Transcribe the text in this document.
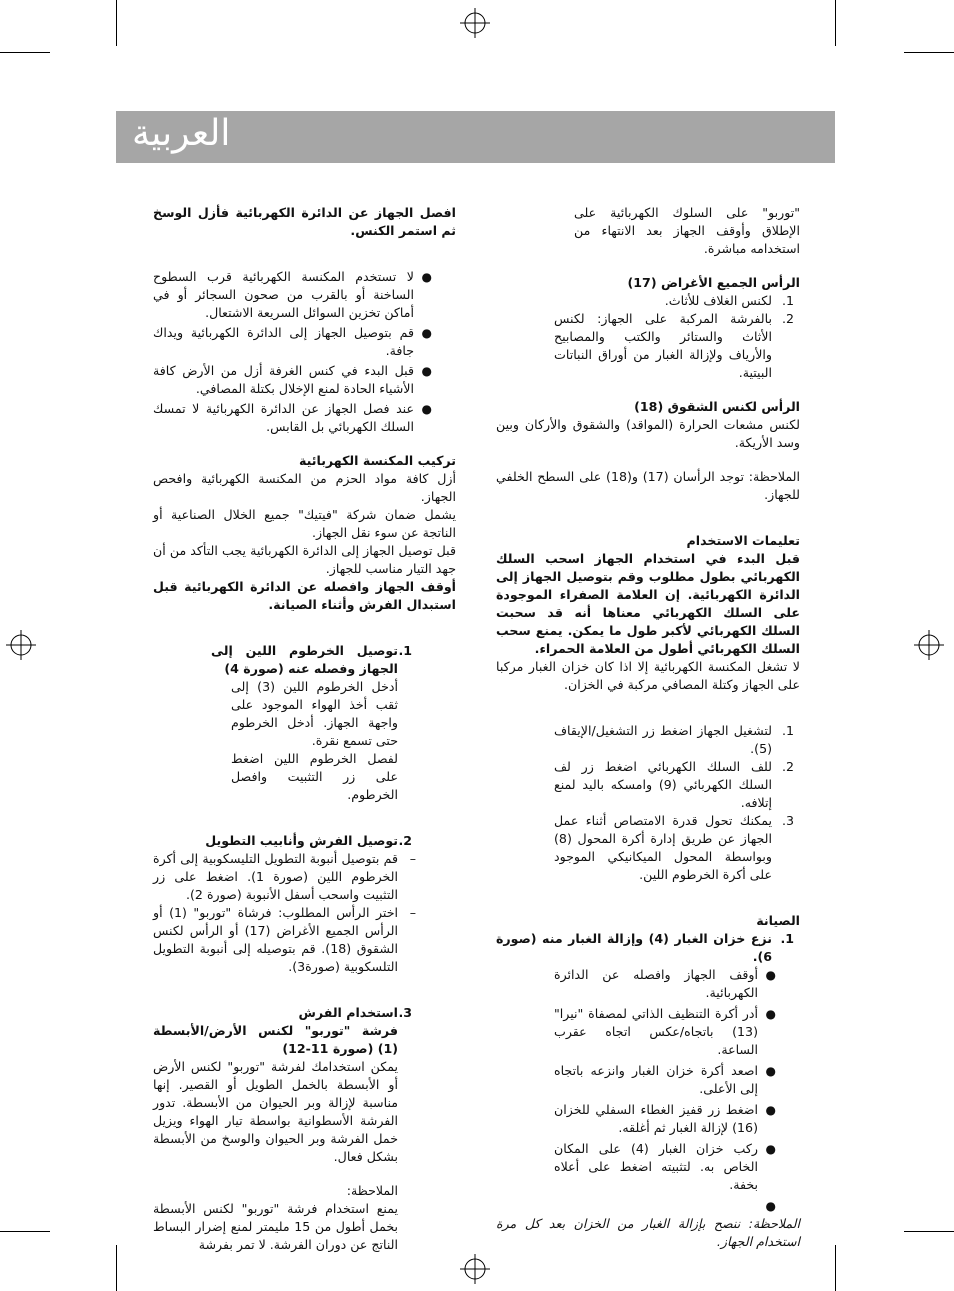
العربية

"توربو" على السلوك الكهربائية على الإطلاق وأوقف الجهاز بعد الانتهاء من استخدامه مباشرة.

الرأس الجميع الأغراض (17)
1.
لكنس الغلاف للأثاث.
2.
بالفرشة المركبة على الجهاز: لكنس الأثاث والستائر والكتب والمصابيح والأرياف ولإزالة الغبار من أوراق النباتات البيتية.
الرأس لكنس الشقوق (18)

لكنس مشعات الحرارة (المواقد) والشقوق والأركان وبين وسد الأريكة.

الملاحظة: توجد الرأسان (17) و(18) على السطح الخلفي للجهاز.

تعليمات الاستخدام

قبل البدء في استخدام الجهاز اسحب السلك الكهربائي بطول مطلوب وقم بتوصيل الجهاز إلى الدائرة الكهربائية. إن العلامة الصفراء الموجودة على السلك الكهربائي معناها أنه قد سحبت السلك الكهربائي لأكبر طول ما يمكن. يمنع سحب السلك الكهربائي أطول من العلامة الحمراء.

لا تشغل المكنسة الكهربائية إلا اذا كان خزان الغبار مركبا على الجهاز وكتلة المصافي مركبة في الخزان.

1.
لتشغيل الجهاز اضغط زر التشغيل/الإيقاف (5).
2.
للف السلك الكهربائي اضغط زر لف السلك الكهربائي (9) وامسكه باليد لمنع إتلافه.
3.
يمكنك تحول قدرة الامتصاص أثناء عمل الجهاز عن طريق إدارة أكرة المحول (8) وبواسطة المحول الميكانيكي الموجود على أكرة الخرطوم اللين.
الصيانة
1.
نزع خزان الغبار (4) وإزالة الغبار منه (صورة 6).
●
أوقف الجهاز وافصله عن الدائرة الكهربائية.
●
أدر أكرة التنظيف الذاتي لمصفاة "نيرا" (13) باتجاه/عكس اتجاه عقرب الساعة.
●
اصعد أكرة خزان الغبار وانزعه باتجاه إلى الأعلى.
●
اضغط زر قفيز الغطاء السفلي للخزان (16) لإزالة الغبار ثم أغلقه.
●
ركب خزان الغبار (4) على المكان الخاص به. لتثبيته اضغط على أعلاه بخفة.
●

الملاحظة: ننصح بإزالة الغبار من الخزان بعد كل مرة استخدام الجهاز.

افصل الجهاز عن الدائرة الكهربائية فأزل الوسخ ثم استمر الكنس.

●
لا تستخدم المكنسة الكهربائية قرب السطوح الساخنة أو بالقرب من صحون السجائر أو في أماكن تخزين السوائل السريعة الاشتعال.
●
قم بتوصيل الجهاز إلى الدائرة الكهربائية ويداك جافة.
●
قبل البدء في كنس الغرفة أزل من الأرض كافة الأشياء الحادة لمنع الإخلال بكتلة المصافي.
●
عند فصل الجهاز عن الدائرة الكهربائية لا تمسك السلك الكهربائي بل القابس.
تركيب المكنسة الكهربائية

أزل كافة مواد الحزم من المكنسة الكهربائية وافحص الجهاز.

يشمل ضمان شركة "فيتيك" جميع الخلال الصناعية أو الناتجة عن سوء نقل الجهاز.

قبل توصيل الجهاز إلى الدائرة الكهربائية يجب التأكد من أن جهد التيار مناسب للجهاز.

أوقف الجهاز وافصله عن الدائرة الكهربائية قبل استبدال الفرش وأثناء الصيانة.

1.
توصيل الخرطوم اللين إلى الجهاز وفصله عنه (صورة 4)

أدخل الخرطوم اللين (3) إلى ثقب أخذ الهواء الموجود على واجهة الجهاز. أدخل الخرطوم حتى تسمع نقرة.

لفصل الخرطوم اللين اضغط على زر التثبيت وافصل الخرطوم.

2.
توصيل الفرش وأنابيب التطويل

–
قم بتوصيل أنبوبة التطويل التليسكوبية إلى أكرة الخرطوم اللين (صورة 1). اضغط على زر التثبيت واسحب أسفل الأنبوبة (صورة 2).

–
اختر الرأس المطلوب: فرشاة "توربو" (1) أو الرأس الجميع الأغراض (17) أو الرأس لكنس الشقوق (18). قم بتوصيله إلى أنبوبة التطويل التلسكوبية (صورة3).

3.
استخدام الفرش

فرشة "توربو" لكنس الأرض/الأبسطة (1) (صورة 11-12)

يمكن استخدامك لفرشة "توربو" لكنس الأرض أو الأبسطة بالخمل الطويل أو القصير. إنها مناسبة لإزالة وبر الحيوان من الأبسطة. تدور الفرشة الأسطوانية بواسطة تيار الهواء ويزيل خمل الفرشة وبر الحيوان والوسخ من الأبسطة بشكل فعال.

الملاحظة:

يمنع استخدام فرشة "توربو" لكنس الأبسطة بخمل أطول من 15 مليمتر لمنع إضرار البساط الناتج عن دوران الفرشة. لا تمر بفرشة
